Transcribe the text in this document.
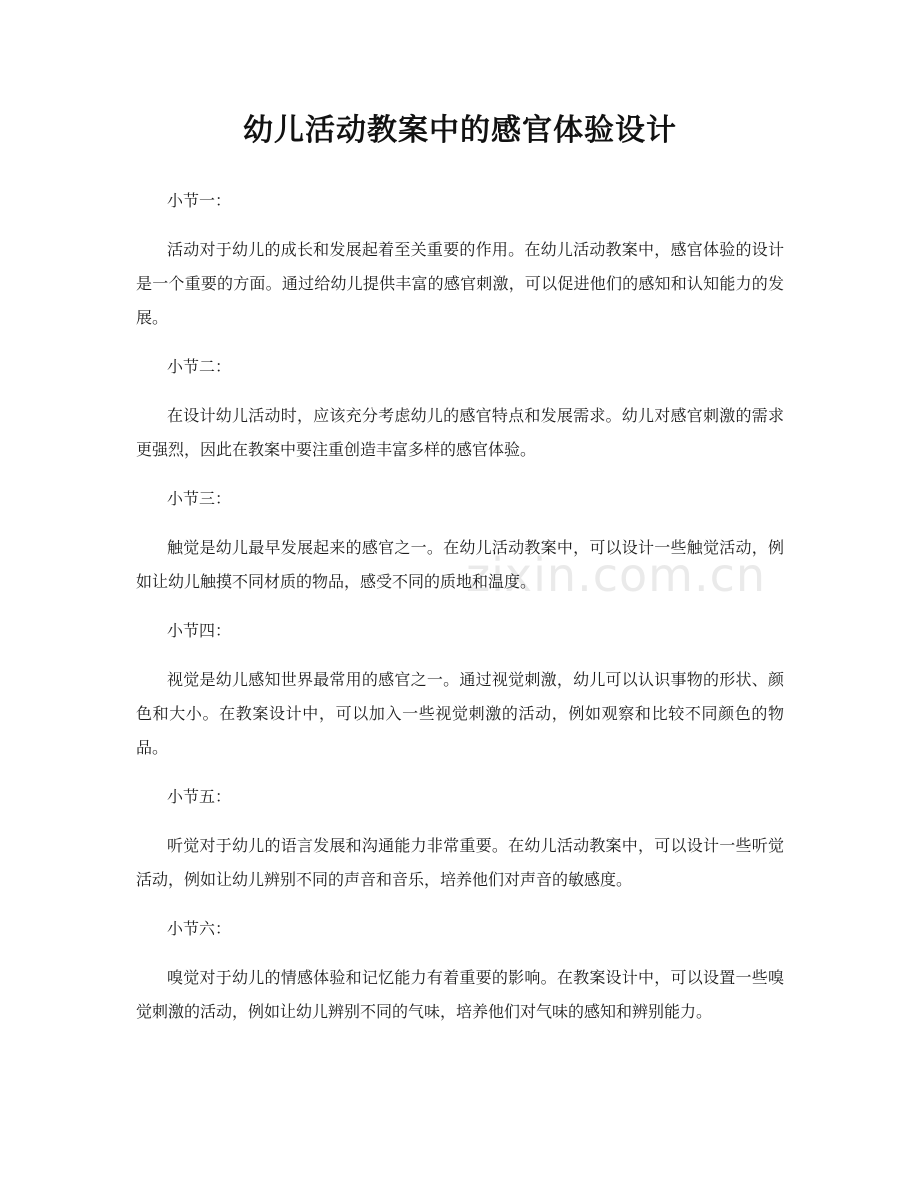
幼儿活动教案中的感官体验设计
zixin.com.cn

小节一：

活动对于幼儿的成长和发展起着至关重要的作用。在幼儿活动教案中，感官体验的设计是一个重要的方面。通过给幼儿提供丰富的感官刺激，可以促进他们的感知和认知能力的发展。

小节二：

在设计幼儿活动时，应该充分考虑幼儿的感官特点和发展需求。幼儿对感官刺激的需求更强烈，因此在教案中要注重创造丰富多样的感官体验。

小节三：

触觉是幼儿最早发展起来的感官之一。在幼儿活动教案中，可以设计一些触觉活动，例如让幼儿触摸不同材质的物品，感受不同的质地和温度。

小节四：

视觉是幼儿感知世界最常用的感官之一。通过视觉刺激，幼儿可以认识事物的形状、颜色和大小。在教案设计中，可以加入一些视觉刺激的活动，例如观察和比较不同颜色的物品。

小节五：

听觉对于幼儿的语言发展和沟通能力非常重要。在幼儿活动教案中，可以设计一些听觉活动，例如让幼儿辨别不同的声音和音乐，培养他们对声音的敏感度。

小节六：

嗅觉对于幼儿的情感体验和记忆能力有着重要的影响。在教案设计中，可以设置一些嗅觉刺激的活动，例如让幼儿辨别不同的气味，培养他们对气味的感知和辨别能力。
